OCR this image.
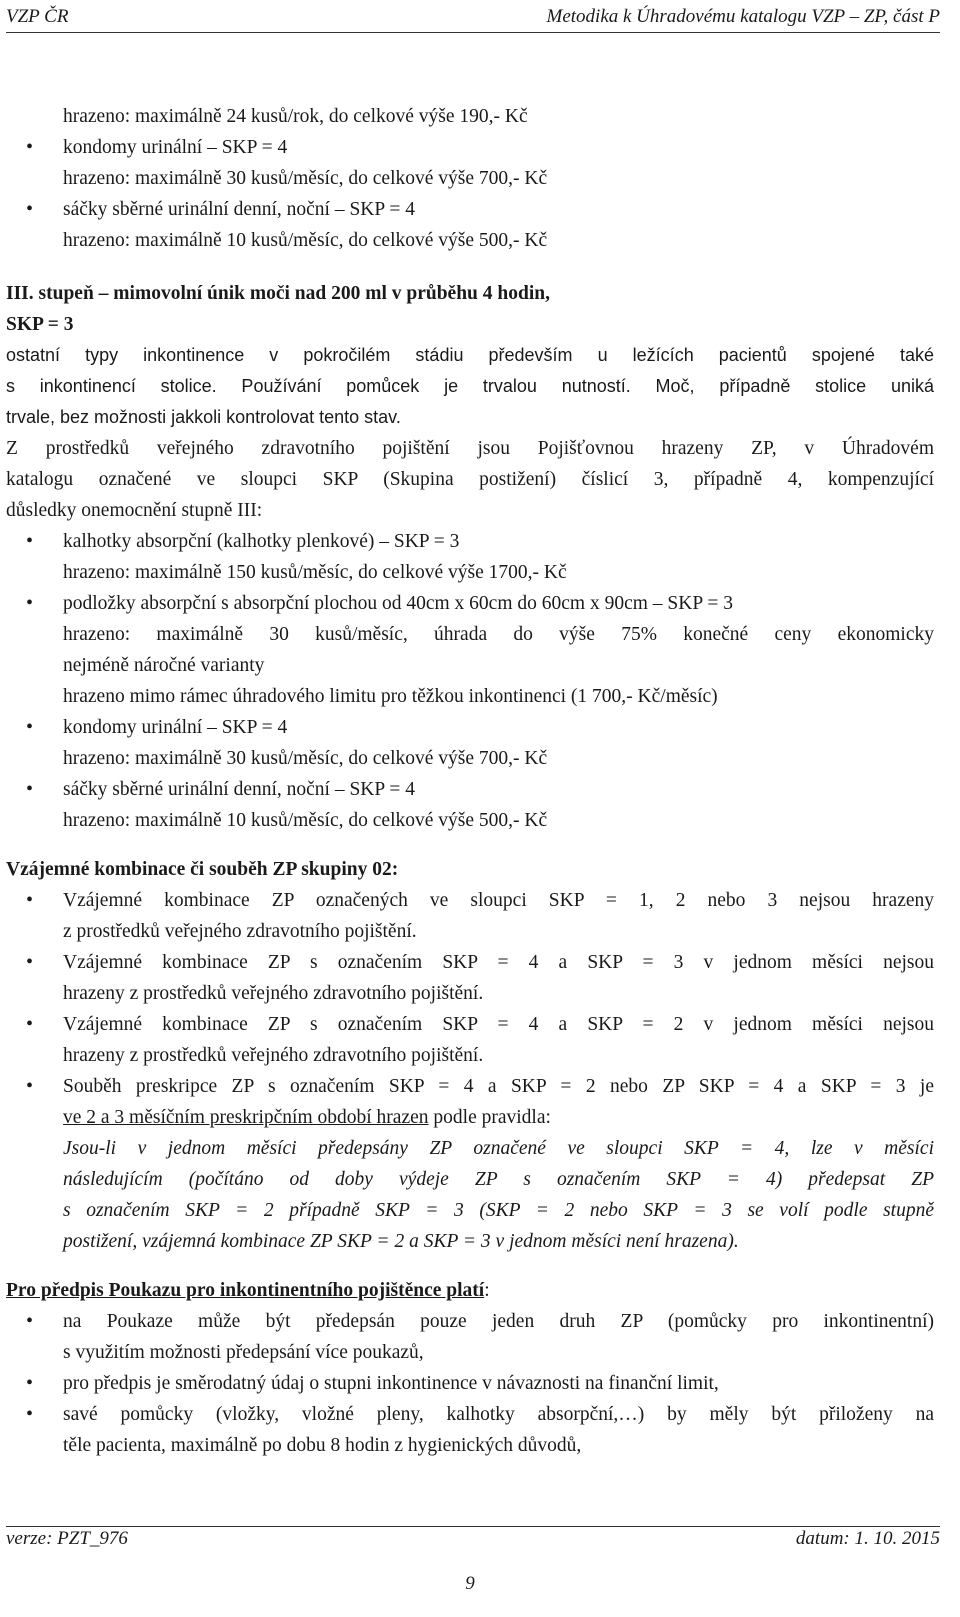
VZP ČR	Metodika k Úhradovému katalogu VZP – ZP, část P
hrazeno: maximálně 24 kusů/rok, do celkové výše 190,- Kč
• kondomy urinální – SKP = 4
hrazeno: maximálně 30 kusů/měsíc, do celkové výše 700,- Kč
• sáčky sběrné urinální denní, noční – SKP = 4
hrazeno: maximálně 10 kusů/měsíc, do celkové výše 500,- Kč
III. stupeň – mimovolní únik moči nad 200 ml v průběhu 4 hodin,
SKP = 3
ostatní typy inkontinence v pokročilém stádiu především u ležících pacientů spojené také
s inkontinencí stolice. Používání pomůcek je trvalou nutností. Moč, případně stolice uniká
trvale, bez možnosti jakkoli kontrolovat tento stav.
Z prostředků veřejného zdravotního pojištění jsou Pojišťovnou hrazeny ZP, v Úhradovém
katalogu označené ve sloupci SKP (Skupina postižení) číslicí 3, případně 4, kompenzující
důsledky onemocnění stupně III:
• kalhotky absorpční (kalhotky plenkové) – SKP = 3
hrazeno: maximálně 150 kusů/měsíc, do celkové výše 1700,- Kč
• podložky absorpční s absorpční plochou od 40cm x 60cm do 60cm x 90cm – SKP = 3
hrazeno: maximálně 30 kusů/měsíc, úhrada do výše 75% konečné ceny ekonomicky
nejméně náročné varianty
hrazeno mimo rámec úhradového limitu pro těžkou inkontinenci (1 700,- Kč/měsíc)
• kondomy urinální – SKP = 4
hrazeno: maximálně 30 kusů/měsíc, do celkové výše 700,- Kč
• sáčky sběrné urinální denní, noční – SKP = 4
hrazeno: maximálně 10 kusů/měsíc, do celkové výše 500,- Kč
Vzájemné kombinace či souběh ZP skupiny 02:
• Vzájemné kombinace ZP označených ve sloupci SKP = 1, 2 nebo 3 nejsou hrazeny
z prostředků veřejného zdravotního pojištění.
• Vzájemné kombinace ZP s označením SKP = 4 a SKP = 3 v jednom měsíci nejsou
hrazeny z prostředků veřejného zdravotního pojištění.
• Vzájemné kombinace ZP s označením SKP = 4 a SKP = 2 v jednom měsíci nejsou
hrazeny z prostředků veřejného zdravotního pojištění.
• Souběh preskripce ZP s označením SKP = 4 a SKP = 2 nebo ZP SKP = 4 a SKP = 3 je
ve 2 a 3 měsíčním preskripčním období hrazen podle pravidla:
Jsou-li v jednom měsíci předepsány ZP označené ve sloupci SKP = 4, lze v měsíci
následujícím (počítáno od doby výdeje ZP s označením SKP = 4) předepsat ZP
s označením SKP = 2 případně SKP = 3 (SKP = 2 nebo SKP = 3 se volí podle stupně
postižení, vzájemná kombinace ZP SKP = 2 a SKP = 3 v jednom měsíci není hrazena).
Pro předpis Poukazu pro inkontinentního pojištěnce platí:
• na Poukaze může být předepsán pouze jeden druh ZP (pomůcky pro inkontinentní)
s využitím možnosti předepsání více poukazů,
• pro předpis je směrodatný údaj o stupni inkontinence v návaznosti na finanční limit,
• savé pomůcky (vložky, vložné pleny, kalhotky absorpční,…) by měly být přiloženy na
těle pacienta, maximálně po dobu 8 hodin z hygienických důvodů,
verze: PZT_976	datum: 1. 10. 2015
9
